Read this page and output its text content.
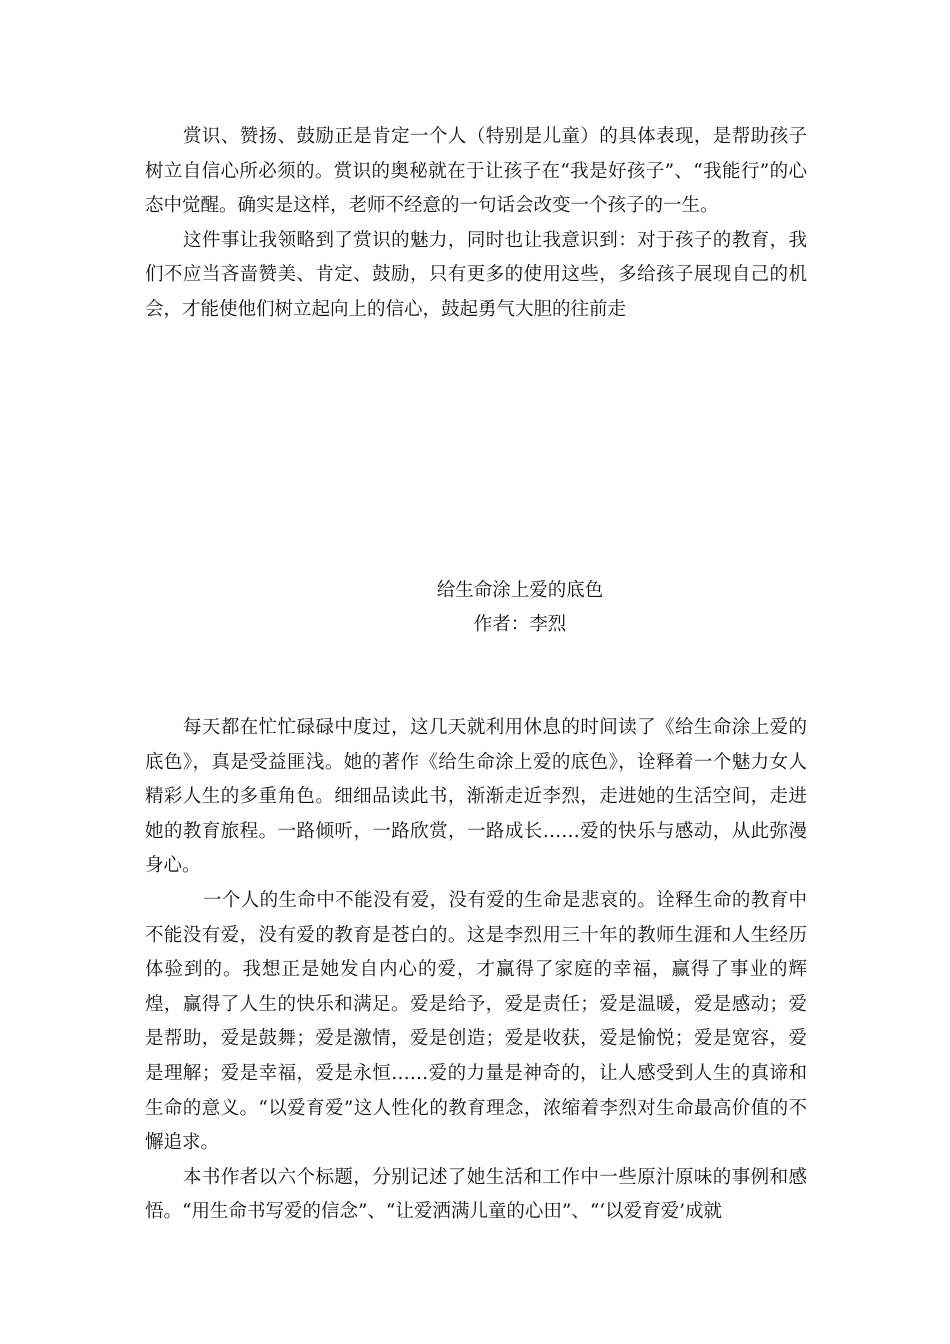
赏识、赞扬、鼓励正是肯定一个人（特别是儿童）的具体表现，是帮助孩子树立自信心所必须的。赏识的奥秘就在于让孩子在“我是好孩子”、“我能行”的心态中觉醒。确实是这样，老师不经意的一句话会改变一个孩子的一生。

这件事让我领略到了赏识的魅力，同时也让我意识到：对于孩子的教育，我们不应当吝啬赞美、肯定、鼓励，只有更多的使用这些，多给孩子展现自己的机会，才能使他们树立起向上的信心，鼓起勇气大胆的往前走

给生命涂上爱的底色
作者：李烈

每天都在忙忙碌碌中度过，这几天就利用休息的时间读了《给生命涂上爱的底色》，真是受益匪浅。她的著作《给生命涂上爱的底色》，诠释着一个魅力女人精彩人生的多重角色。细细品读此书，渐渐走近李烈，走进她的生活空间，走进她的教育旅程。一路倾听，一路欣赏，一路成长……爱的快乐与感动，从此弥漫身心。

一个人的生命中不能没有爱，没有爱的生命是悲哀的。诠释生命的教育中不能没有爱，没有爱的教育是苍白的。这是李烈用三十年的教师生涯和人生经历体验到的。我想正是她发自内心的爱，才赢得了家庭的幸福，赢得了事业的辉煌，赢得了人生的快乐和满足。爱是给予，爱是责任；爱是温暖，爱是感动；爱是帮助，爱是鼓舞；爱是激情，爱是创造；爱是收获，爱是愉悦；爱是宽容，爱是理解；爱是幸福，爱是永恒……爱的力量是神奇的，让人感受到人生的真谛和生命的意义。“以爱育爱”这人性化的教育理念，浓缩着李烈对生命最高价值的不懈追求。

本书作者以六个标题，分别记述了她生活和工作中一些原汁原味的事例和感悟。“用生命书写爱的信念”、“让爱洒满儿童的心田”、“‘以爱育爱’成就
